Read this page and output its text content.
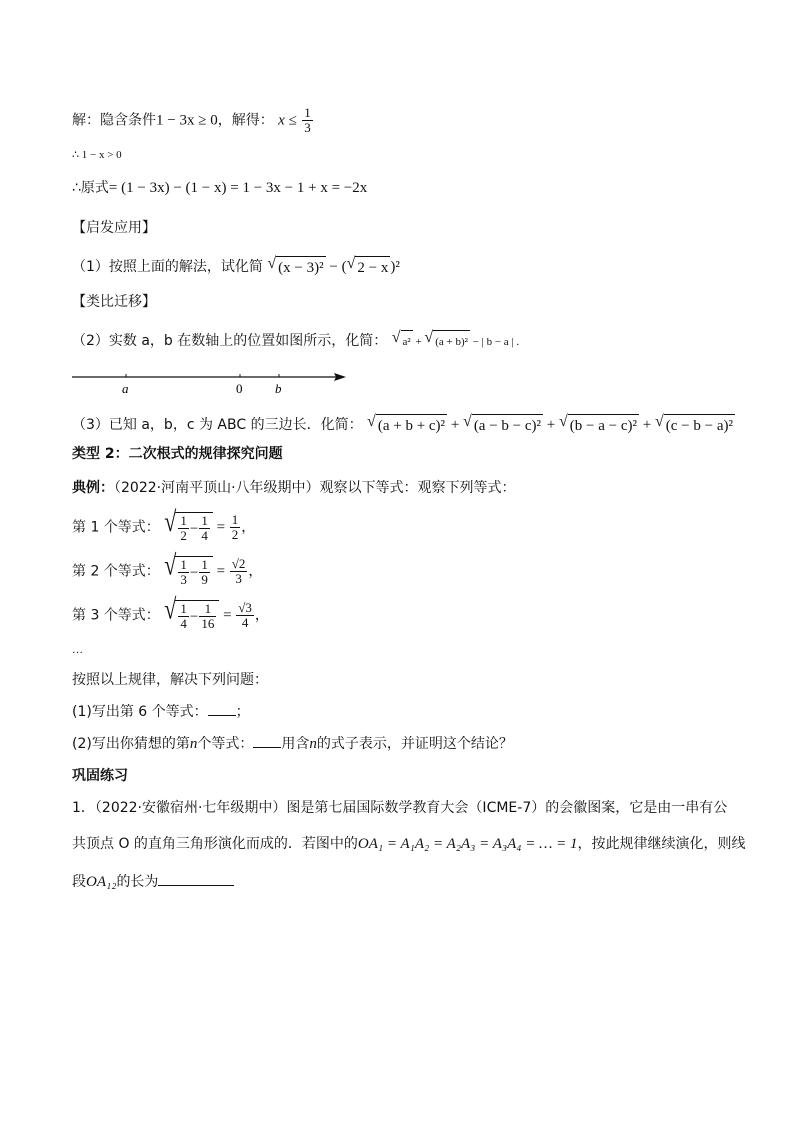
解：隐含条件1 − 3x ≥ 0，解得： $x \le \frac{1}{3}$
∴ 1 − x > 0
∴原式= (1 − 3x) − (1 − x) = 1 − 3x − 1 + x = −2x
【启发应用】
（1）按照上面的解法，试化简 √ (x − 3)² − ( √ 2 − x )²
【类比迁移】
（2）实数 a，b 在数轴上的位置如图所示，化简： √ a² + √ (a + b)² − | b − a | .
a	0	b
（3）已知 a，b，c 为 ABC 的三边长．化简： √ (a + b + c)² + √ (a − b − c)² + √ (b − a − c)² + √ (c − b − a)²
类型 2：二次根式的规律探究问题
典例：（2022·河南平顶山·八年级期中）观察以下等式：观察下列等式：
第 1 个等式： √ $\frac{1}{2} - \frac{1}{4} = \frac{1}{2}$ ，
第 2 个等式： √ $\frac{1}{3} - \frac{1}{9} = \frac{√2}{3}$ ，
第 3 个等式： √ $\frac{1}{4} - \frac{1}{16} = \frac{√3}{4}$ ，
…
按照以上规律，解决下列问题：
(1)写出第 6 个等式： ；
(2)写出你猜想的第n个等式： 用含n的式子表示，并证明这个结论？
巩固练习
1．（2022·安徽宿州·七年级期中）图是第七届国际数学教育大会（ICME-7）的会徽图案，它是由一串有公
共顶点 O 的直角三角形演化而成的．若图中的OA₁ = A₁A₂ = A₂A₃ = A₃A₄ = … = 1，按此规律继续演化，则线
段OA₁₂的长为
